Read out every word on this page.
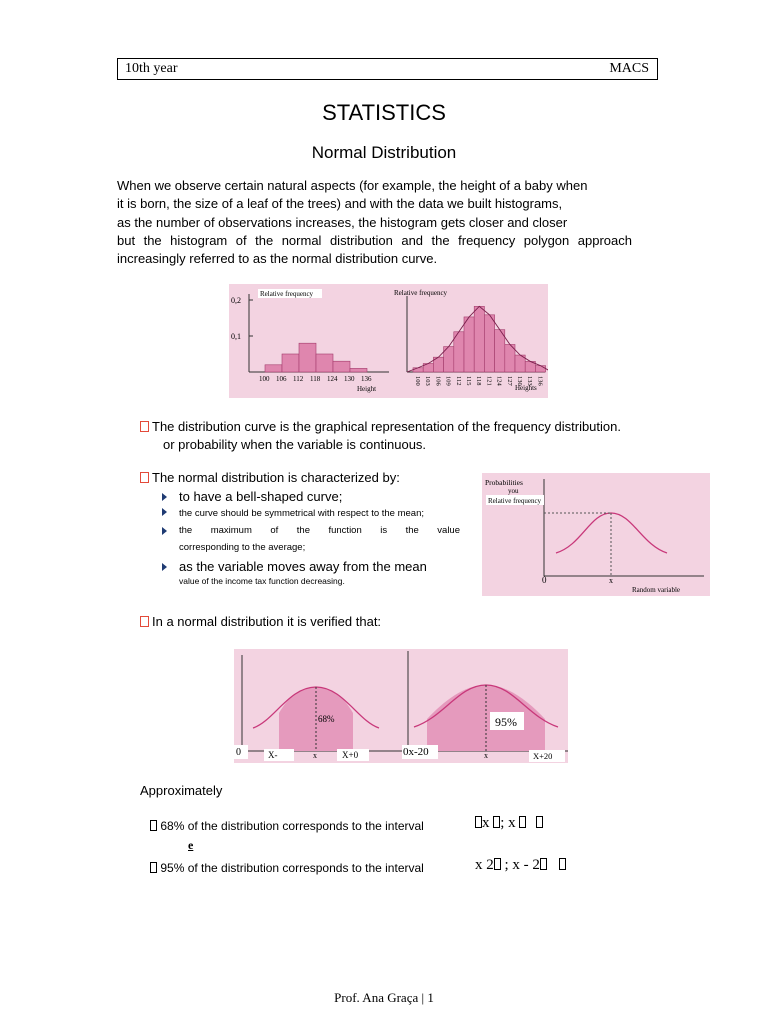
10th year	MACS
STATISTICS
Normal Distribution
When we observe certain natural aspects (for example, the height of a baby when
it is born, the size of a leaf of the trees) and with the data we built histograms,
as the number of observations increases, the histogram gets closer and closer
but the histogram of the normal distribution and the frequency polygon approach
increasingly referred to as the normal distribution curve.
0,2
0,1
Relative frequency
100 106 112 118 124 130 136
Height
Relative frequency
100 103 106 109 112 115 118 121 124 127 130 133 136
Heights
The distribution curve is the graphical representation of the frequency distribution.
or probability when the variable is continuous.
The normal distribution is characterized by:
to have a bell-shaped curve;
the curve should be symmetrical with respect to the mean;
the maximum of the function is the value
corresponding to the average;
as the variable moves away from the mean
value of the income tax function decreasing.
Probabilities
you
Relative frequency
0	x
Random variable
In a normal distribution it is verified that:
68%
0	X-	x	X+0
95%
0x-20	x	X+20
Approximately
68% of the distribution corresponds to the interval	x ; x
e
95% of the distribution corresponds to the interval	x 2 ; x - 2
Prof. Ana Graça | 1
